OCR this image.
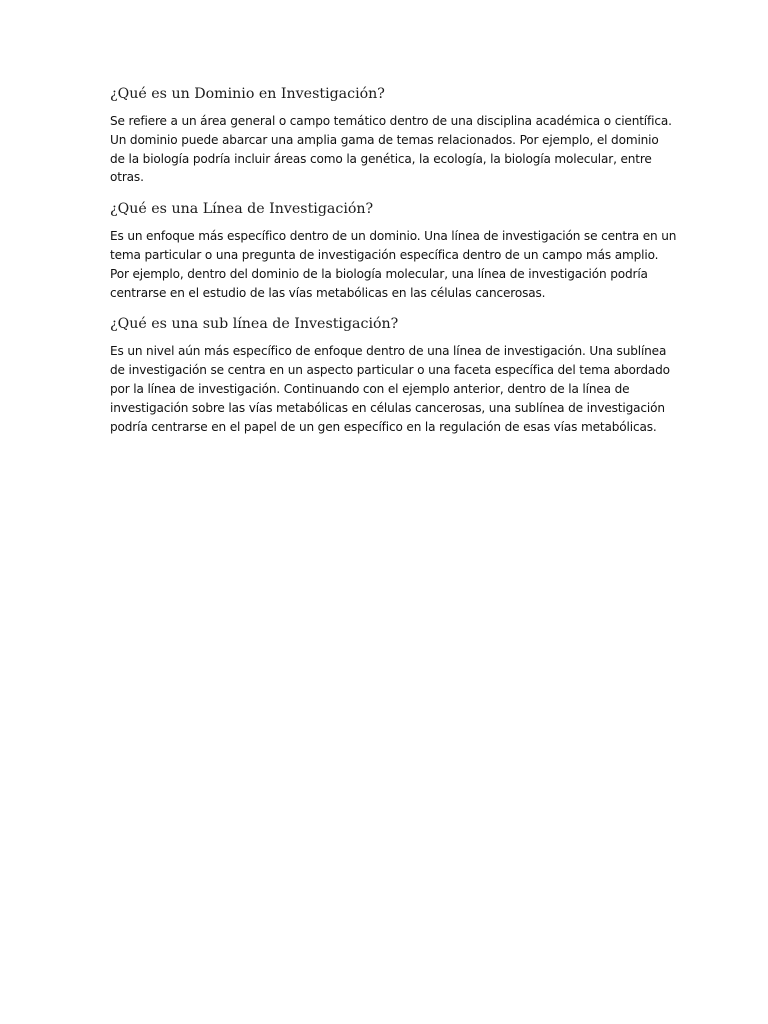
¿Qué es un Dominio en Investigación?

Se refiere a un área general o campo temático dentro de una disciplina académica o científica.
Un dominio puede abarcar una amplia gama de temas relacionados. Por ejemplo, el dominio
de la biología podría incluir áreas como la genética, la ecología, la biología molecular, entre
otras.

¿Qué es una Línea de Investigación?

Es un enfoque más específico dentro de un dominio. Una línea de investigación se centra en un
tema particular o una pregunta de investigación específica dentro de un campo más amplio.
Por ejemplo, dentro del dominio de la biología molecular, una línea de investigación podría
centrarse en el estudio de las vías metabólicas en las células cancerosas.

¿Qué es una sub línea de Investigación?

Es un nivel aún más específico de enfoque dentro de una línea de investigación. Una sublínea
de investigación se centra en un aspecto particular o una faceta específica del tema abordado
por la línea de investigación. Continuando con el ejemplo anterior, dentro de la línea de
investigación sobre las vías metabólicas en células cancerosas, una sublínea de investigación
podría centrarse en el papel de un gen específico en la regulación de esas vías metabólicas.
